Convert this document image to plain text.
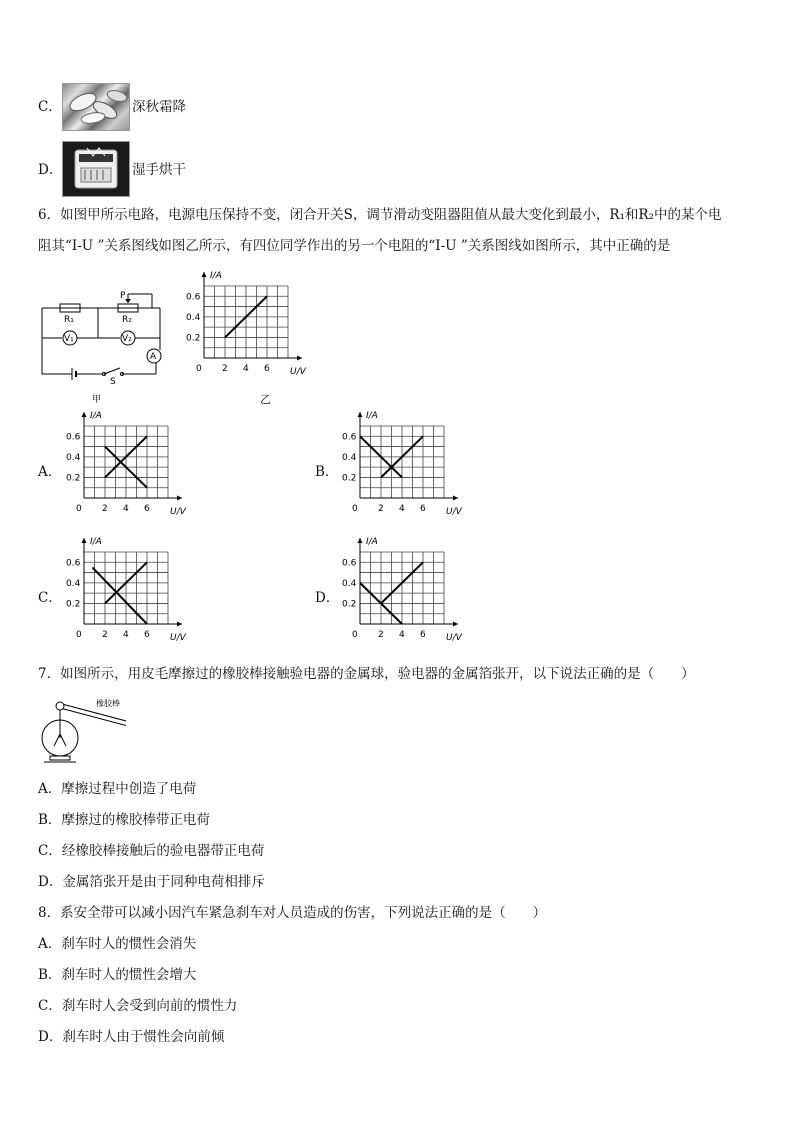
C．	深秋霜降
D．	湿手烘干
6．如图甲所示电路，电源电压保持不变，闭合开关S，调节滑动变阻器阻值从最大变化到最小，R₁和R₂中的某个电
阻其“I-U ”关系图线如图乙所示，有四位同学作出的另一个电阻的“I-U ”关系图线如图所示，其中正确的是
P
R₁	R₂
V₁	V₂
A
S
甲
0 2 4 6
0.2
0.4
0.6
U/V
I/A
乙
A．
0 2 4 6
0.2
0.4
0.6
U/V
I/A
B．
0 2 4 6
0.2
0.4
0.6
U/V
I/A
C．
0 2 4 6
0.2
0.4
0.6
U/V
I/A
D．
0 2 4 6
0.2
0.4
0.6
U/V
I/A
7．如图所示，用皮毛摩擦过的橡胶棒接触验电器的金属球，验电器的金属箔张开，以下说法正确的是（　　）
橡胶棒
A．摩擦过程中创造了电荷
B．摩擦过的橡胶棒带正电荷
C．经橡胶棒接触后的验电器带正电荷
D．金属箔张开是由于同种电荷相排斥
8．系安全带可以减小因汽车紧急刹车对人员造成的伤害，下列说法正确的是（　　）
A．刹车时人的惯性会消失
B．刹车时人的惯性会增大
C．刹车时人会受到向前的惯性力
D．刹车时人由于惯性会向前倾
